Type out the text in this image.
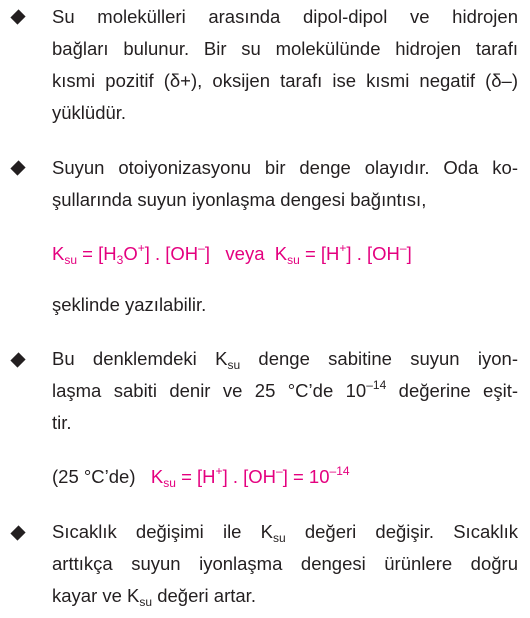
Su molekülleri arasında dipol-dipol ve hidrojen
bağları bulunur. Bir su molekülünde hidrojen tarafı
kısmi pozitif (δ+), oksijen tarafı ise kısmi negatif (δ–)
yüklüdür.
Suyun otoiyonizasyonu bir denge olayıdır. Oda ko-
şullarında suyun iyonlaşma dengesi bağıntısı,
$K_{su} = [H_3O^+]$ . [OH–] veya $K_{su} = [H^+]$ . [OH–]
şeklinde yazılabilir.
Bu denklemdeki $K_{su}$ denge sabitine suyun iyon-
laşma sabiti denir ve 25 °C’de $10^{-14}$ değerine eşit-
tir.
(25 °C’de) $K_{su} = [H^+]$ . $[OH^-] = 10^{-14}$
Sıcaklık değişimi ile $K_{su}$ değeri değişir. Sıcaklık
arttıkça suyun iyonlaşma dengesi ürünlere doğru
kayar ve $K_{su}$ değeri artar.
